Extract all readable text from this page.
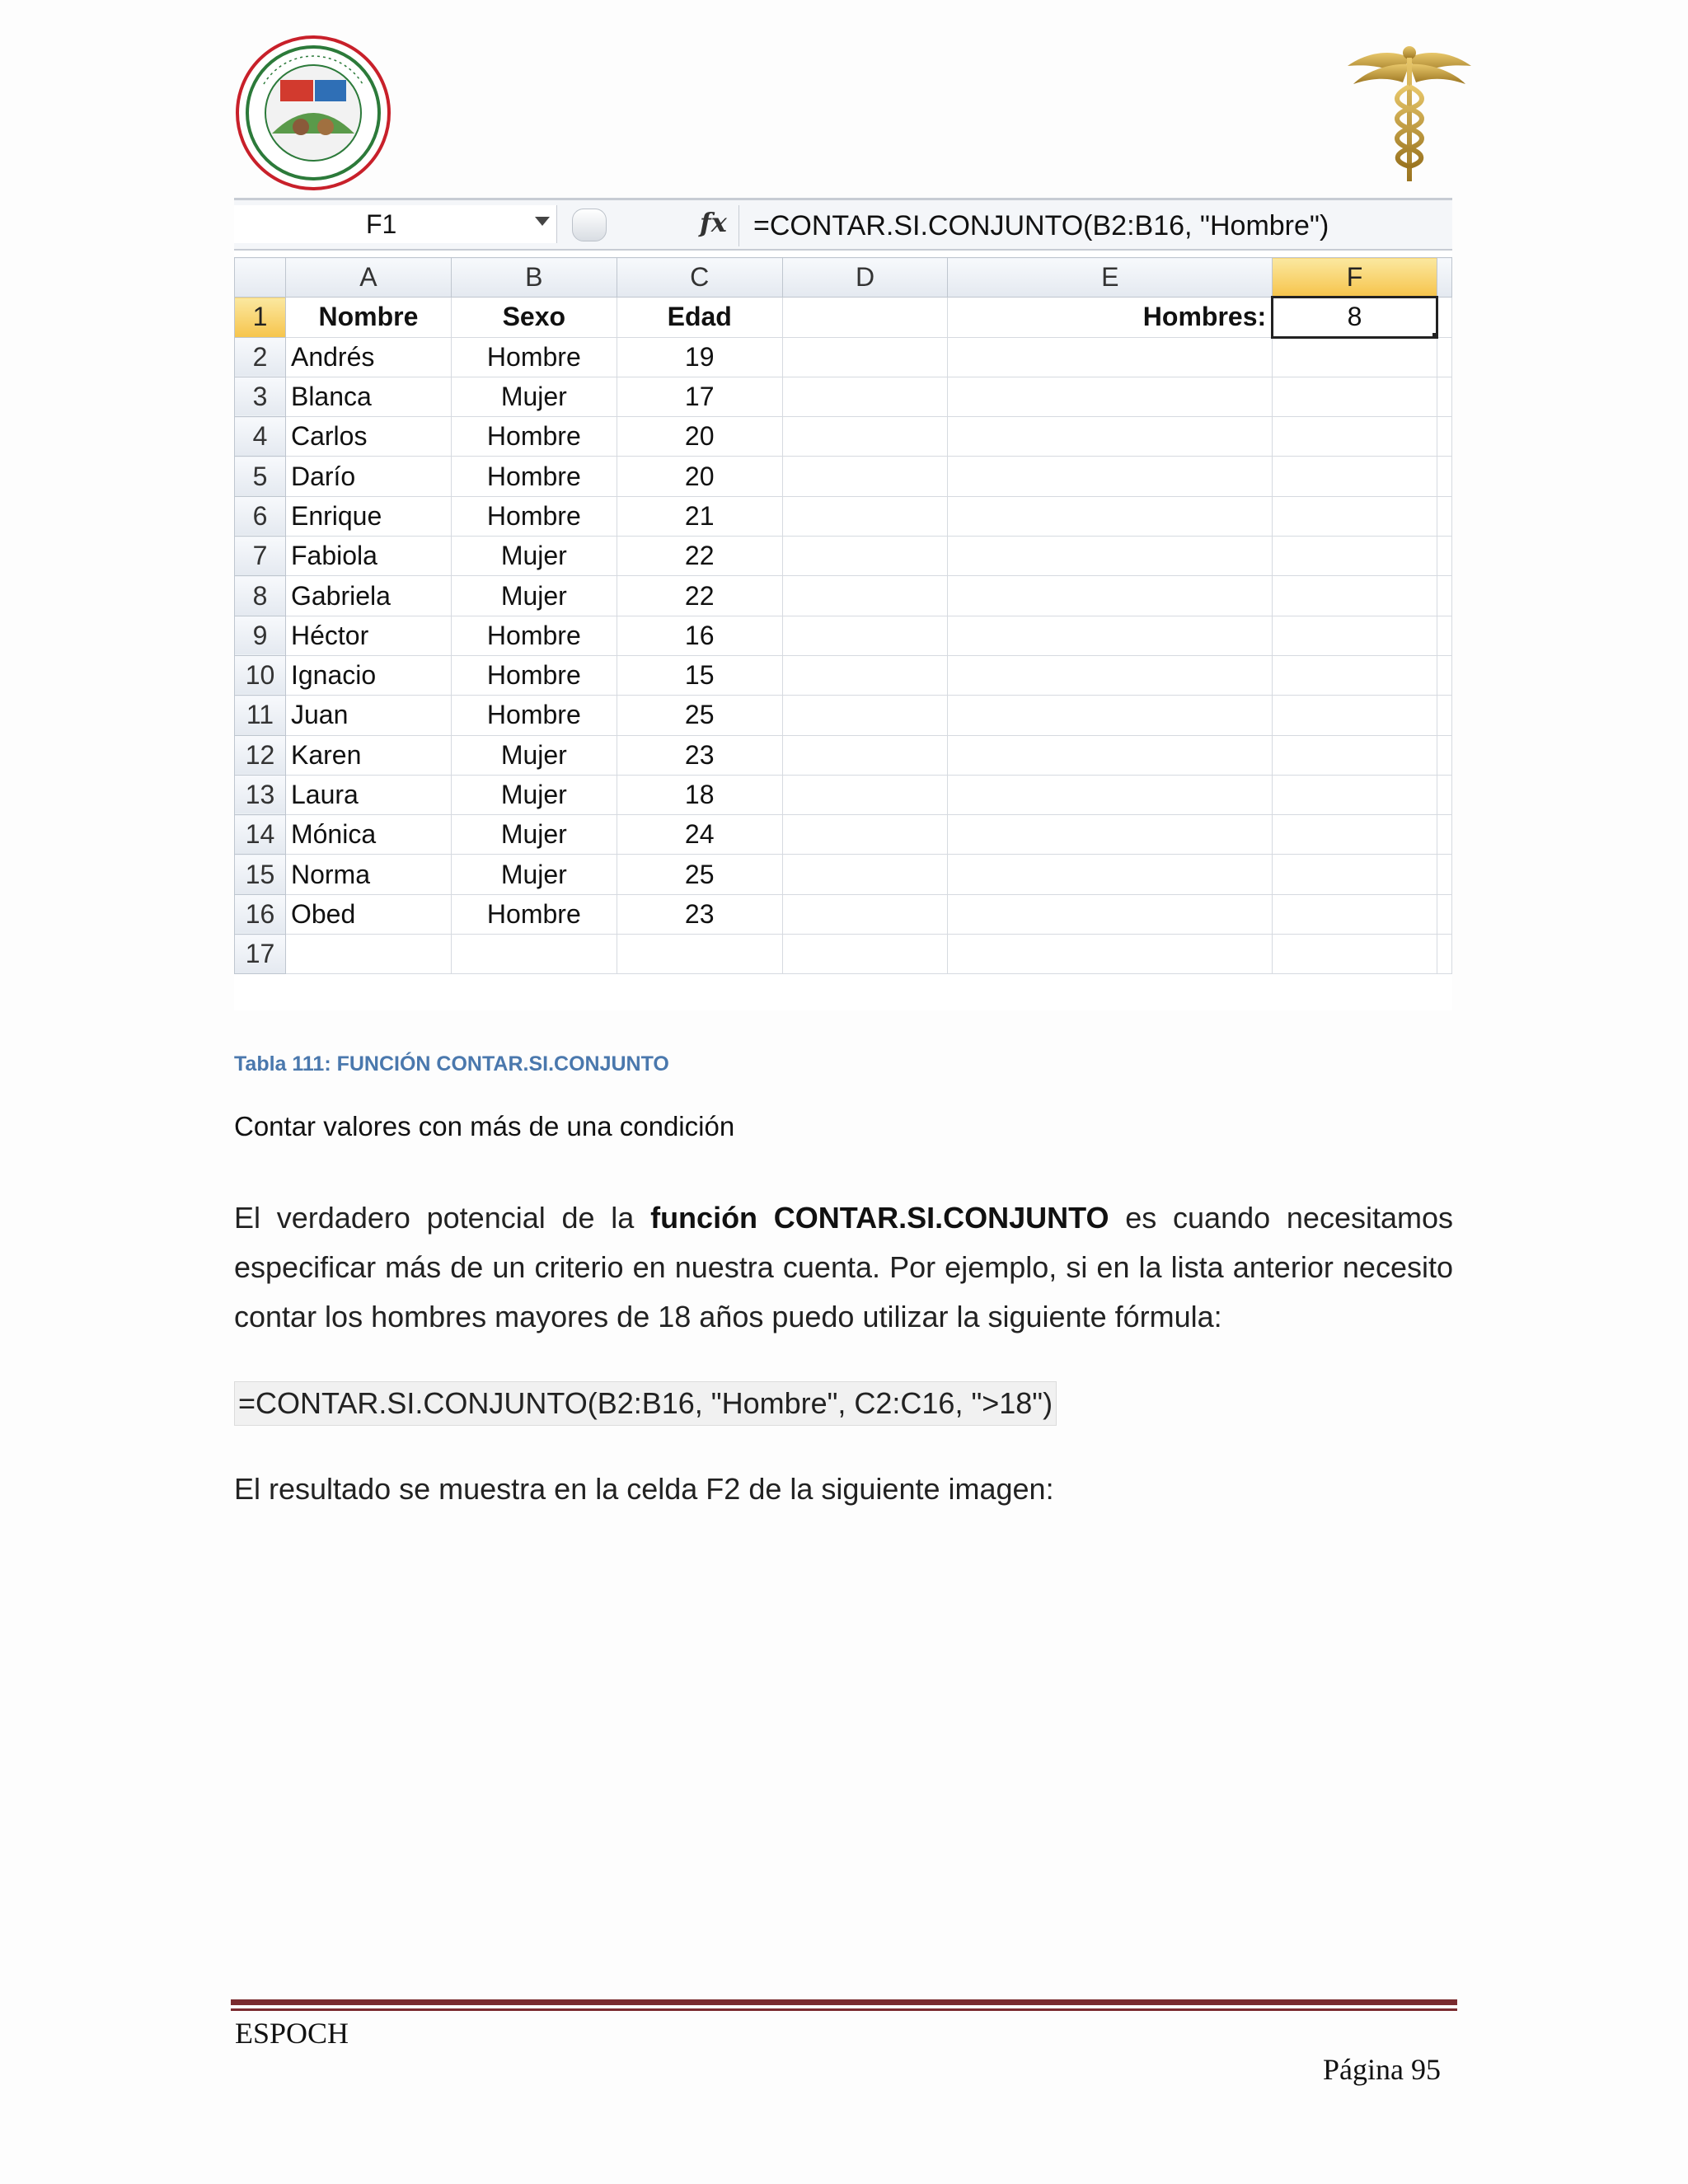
F1	fx =CONTAR.SI.CONJUNTO(B2:B16, "Hombre")
	A	B	C	D	E	F	
1	Nombre	Sexo	Edad		Hombres:	8

2	Andrés	Hombre	19				
3	Blanca	Mujer	17				
4	Carlos	Hombre	20				
5	Darío	Hombre	20				
6	Enrique	Hombre	21				
7	Fabiola	Mujer	22				
8	Gabriela	Mujer	22				
9	Héctor	Hombre	16				
10	Ignacio	Hombre	15				
11	Juan	Hombre	25				
12	Karen	Mujer	23				
13	Laura	Mujer	18				
14	Mónica	Mujer	24				
15	Norma	Mujer	25				
16	Obed	Hombre	23				
17							
Tabla 111: FUNCIÓN CONTAR.SI.CONJUNTO
Contar valores con más de una condición
El verdadero potencial de la función CONTAR.SI.CONJUNTO es cuando necesitamos especificar más de un criterio en nuestra cuenta. Por ejemplo, si en la lista anterior necesito contar los hombres mayores de 18 años puedo utilizar la siguiente fórmula:
=CONTAR.SI.CONJUNTO(B2:B16, "Hombre", C2:C16, ">18")
El resultado se muestra en la celda F2 de la siguiente imagen:
ESPOCH
Página 95
